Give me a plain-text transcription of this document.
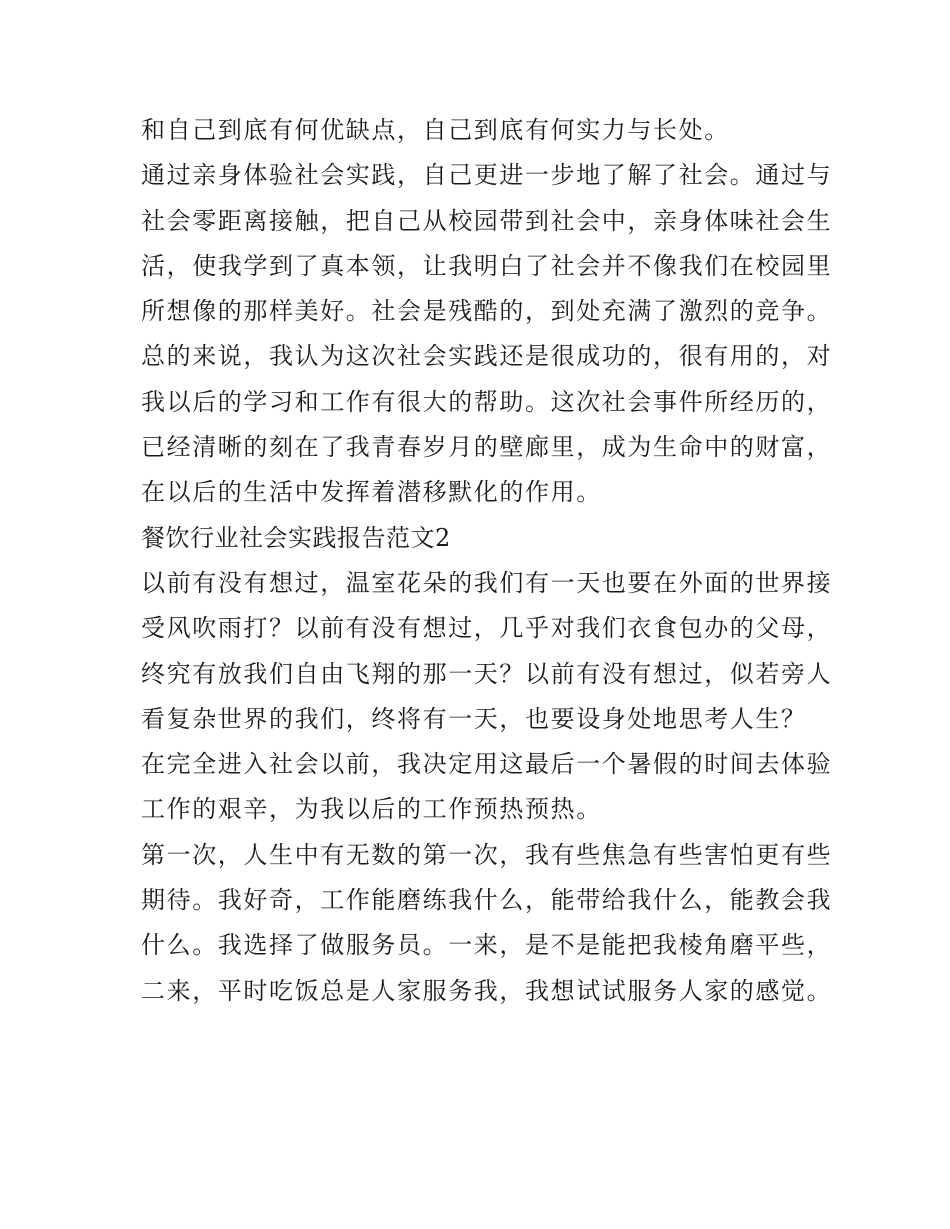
和自己到底有何优缺点，自己到底有何实力与长处。

通过亲身体验社会实践，自己更进一步地了解了社会。通过与

社会零距离接触，把自己从校园带到社会中，亲身体味社会生

活，使我学到了真本领，让我明白了社会并不像我们在校园里

所想像的那样美好。社会是残酷的，到处充满了激烈的竞争。

总的来说，我认为这次社会实践还是很成功的，很有用的，对

我以后的学习和工作有很大的帮助。这次社会事件所经历的，

已经清晰的刻在了我青春岁月的壁廊里，成为生命中的财富，

在以后的生活中发挥着潜移默化的作用。

餐饮行业社会实践报告范文2

以前有没有想过，温室花朵的我们有一天也要在外面的世界接

受风吹雨打？以前有没有想过，几乎对我们衣食包办的父母，

终究有放我们自由飞翔的那一天？以前有没有想过，似若旁人

看复杂世界的我们，终将有一天，也要设身处地思考人生？

在完全进入社会以前，我决定用这最后一个暑假的时间去体验

工作的艰辛，为我以后的工作预热预热。

第一次，人生中有无数的第一次，我有些焦急有些害怕更有些

期待。我好奇，工作能磨练我什么，能带给我什么，能教会我

什么。我选择了做服务员。一来，是不是能把我棱角磨平些，

二来，平时吃饭总是人家服务我，我想试试服务人家的感觉。
